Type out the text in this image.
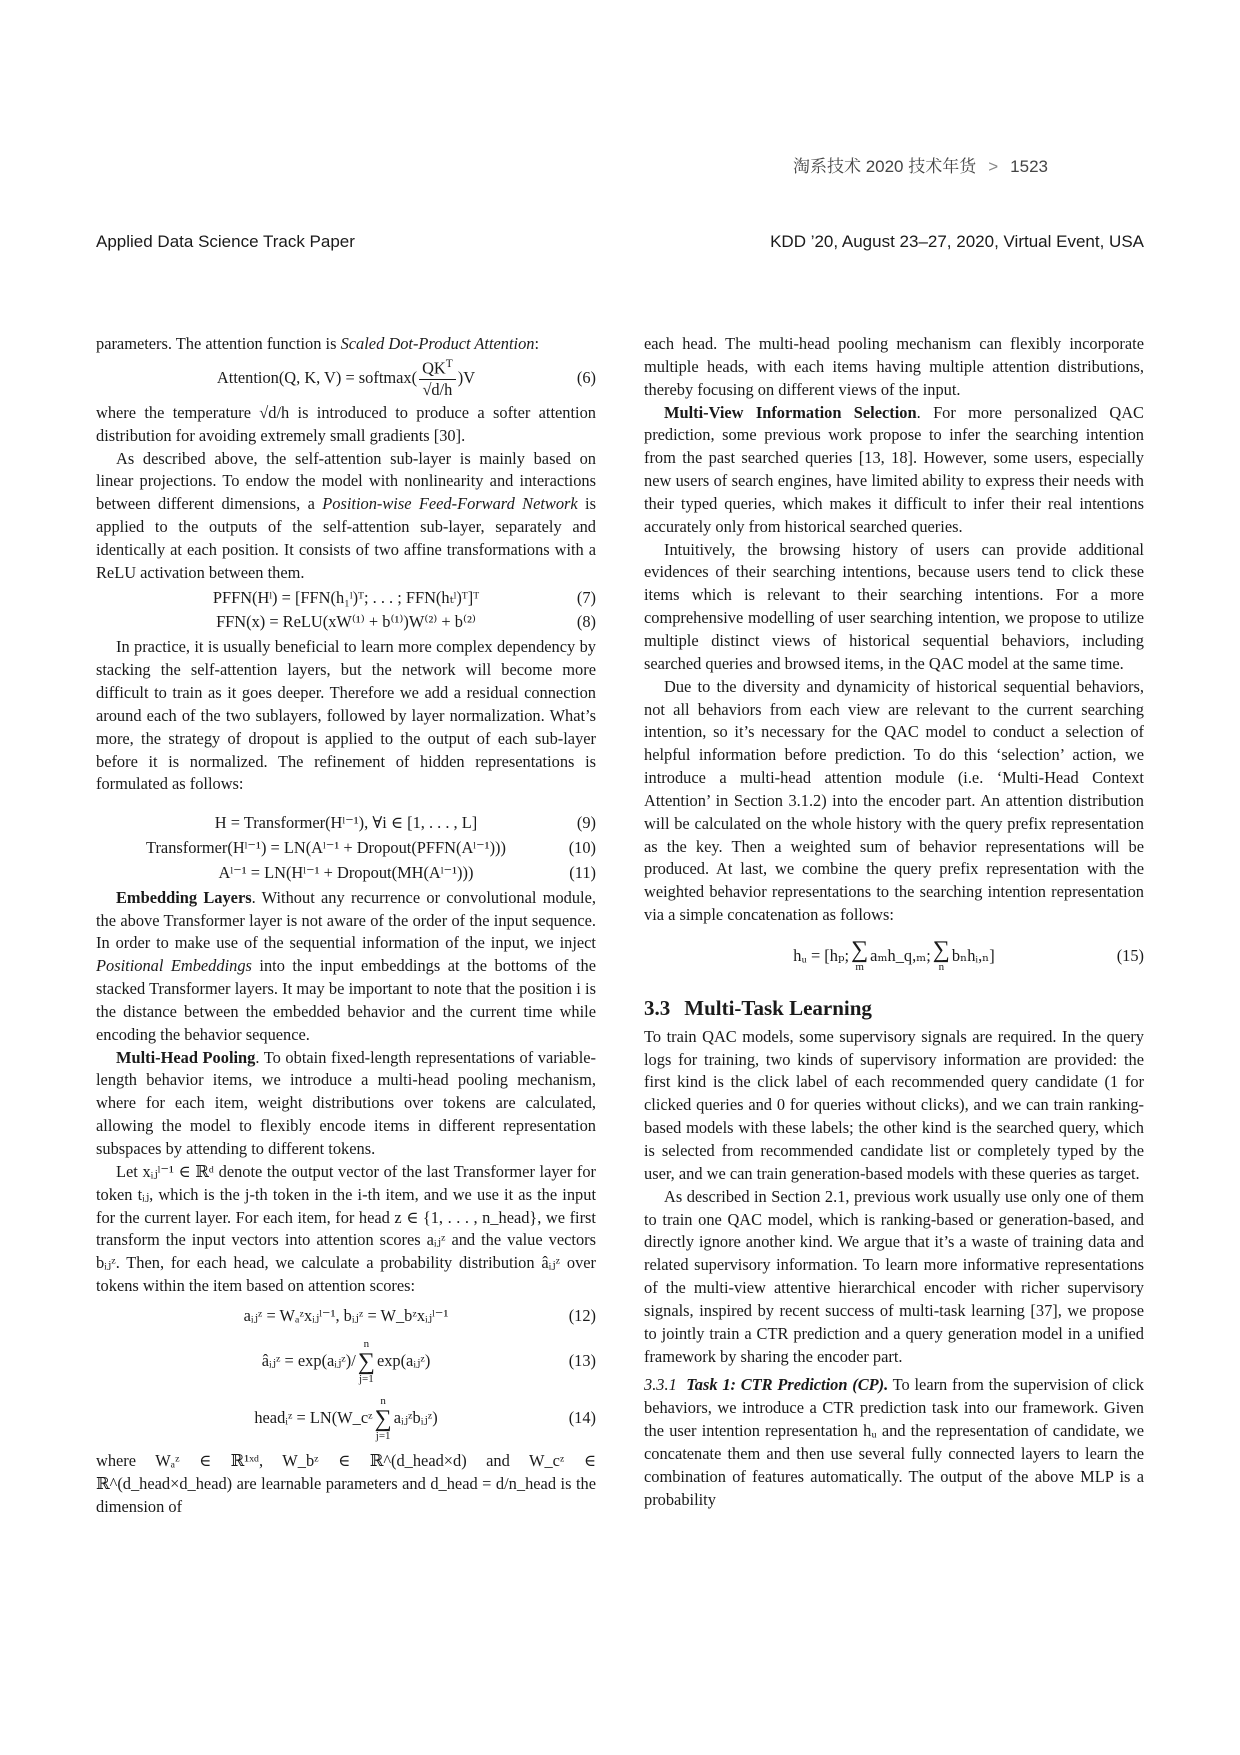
淘系技术 2020 技术年货 > 1523
Applied Data Science Track Paper	KDD ’20, August 23–27, 2020, Virtual Event, USA

parameters. The attention function is Scaled Dot-Product Attention:

Attention(Q, K, V) = softmax( $\frac{QK^T}{√d/h} )V$	(6)

where the temperature √d/h is introduced to produce a softer attention distribution for avoiding extremely small gradients [30].

As described above, the self-attention sub-layer is mainly based on linear projections. To endow the model with nonlinearity and interactions between different dimensions, a Position-wise Feed-Forward Network is applied to the outputs of the self-attention sub-layer, separately and identically at each position. It consists of two affine transformations with a ReLU activation between them.

PFFN(Hˡ) = [FFN(h₁ˡ)ᵀ; . . . ; FFN(hₜˡ)ᵀ]ᵀ	(7)
FFN(x) = ReLU(xW⁽¹⁾ + b⁽¹⁾)W⁽²⁾ + b⁽²⁾	(8)

In practice, it is usually beneficial to learn more complex dependency by stacking the self-attention layers, but the network will become more difficult to train as it goes deeper. Therefore we add a residual connection around each of the two sublayers, followed by layer normalization. What’s more, the strategy of dropout is applied to the output of each sub-layer before it is normalized. The refinement of hidden representations is formulated as follows:

H = Transformer(Hˡ⁻¹), ∀i ∈ [1, . . . , L]	(9)
Transformer(Hˡ⁻¹) = LN(Aˡ⁻¹ + Dropout(PFFN(Aˡ⁻¹)))	(10)
Aˡ⁻¹ = LN(Hˡ⁻¹ + Dropout(MH(Aˡ⁻¹)))	(11)

Embedding Layers. Without any recurrence or convolutional module, the above Transformer layer is not aware of the order of the input sequence. In order to make use of the sequential information of the input, we inject Positional Embeddings into the input embeddings at the bottoms of the stacked Transformer layers. It may be important to note that the position i is the distance between the embedded behavior and the current time while encoding the behavior sequence.

Multi-Head Pooling. To obtain fixed-length representations of variable-length behavior items, we introduce a multi-head pooling mechanism, where for each item, weight distributions over tokens are calculated, allowing the model to flexibly encode items in different representation subspaces by attending to different tokens.

Let xᵢⱼˡ⁻¹ ∈ ℝᵈ denote the output vector of the last Transformer layer for token tᵢⱼ, which is the j-th token in the i-th item, and we use it as the input for the current layer. For each item, for head z ∈ {1, . . . , n_head}, we first transform the input vectors into attention scores aᵢⱼᶻ and the value vectors bᵢⱼᶻ. Then, for each head, we calculate a probability distribution âᵢⱼᶻ over tokens within the item based on attention scores:

aᵢⱼᶻ = Wₐᶻxᵢⱼˡ⁻¹, bᵢⱼᶻ = W_bᶻxᵢⱼˡ⁻¹	(12)
âᵢⱼᶻ = exp(aᵢⱼᶻ)/
n
∑
j=1
exp(aᵢⱼᶻ)	(13)
headᵢᶻ = LN(W_cᶻ
n
∑
j=1
aᵢⱼᶻbᵢⱼᶻ)	(14)

where Wₐᶻ ∈ ℝ¹ˣᵈ, W_bᶻ ∈ ℝ^(d_head×d) and W_cᶻ ∈ ℝ^(d_head×d_head) are learnable parameters and d_head = d/n_head is the dimension of

each head. The multi-head pooling mechanism can flexibly incorporate multiple heads, with each items having multiple attention distributions, thereby focusing on different views of the input.

Multi-View Information Selection. For more personalized QAC prediction, some previous work propose to infer the searching intention from the past searched queries [13, 18]. However, some users, especially new users of search engines, have limited ability to express their needs with their typed queries, which makes it difficult to infer their real intentions accurately only from historical searched queries.

Intuitively, the browsing history of users can provide additional evidences of their searching intentions, because users tend to click these items which is relevant to their searching intentions. For a more comprehensive modelling of user searching intention, we propose to utilize multiple distinct views of historical sequential behaviors, including searched queries and browsed items, in the QAC model at the same time.

Due to the diversity and dynamicity of historical sequential behaviors, not all behaviors from each view are relevant to the current searching intention, so it’s necessary for the QAC model to conduct a selection of helpful information before prediction. To do this ‘selection’ action, we introduce a multi-head attention module (i.e. ‘Multi-Head Context Attention’ in Section 3.1.2) into the encoder part. An attention distribution will be calculated on the whole history with the query prefix representation as the key. Then a weighted sum of behavior representations will be produced. At last, we combine the query prefix representation with the weighted behavior representations to the searching intention representation via a simple concatenation as follows:

hᵤ = [hₚ; ∑
m
aₘh_q,ₘ; ∑
n
bₙhᵢ,ₙ]	(15)
3.3 Multi-Task Learning

To train QAC models, some supervisory signals are required. In the query logs for training, two kinds of supervisory information are provided: the first kind is the click label of each recommended query candidate (1 for clicked queries and 0 for queries without clicks), and we can train ranking-based models with these labels; the other kind is the searched query, which is selected from recommended candidate list or completely typed by the user, and we can train generation-based models with these queries as target.

As described in Section 2.1, previous work usually use only one of them to train one QAC model, which is ranking-based or generation-based, and directly ignore another kind. We argue that it’s a waste of training data and related supervisory information. To learn more informative representations of the multi-view attentive hierarchical encoder with richer supervisory signals, inspired by recent success of multi-task learning [37], we propose to jointly train a CTR prediction and a query generation model in a unified framework by sharing the encoder part.

3.3.1 Task 1: CTR Prediction (CP). To learn from the supervision of click behaviors, we introduce a CTR prediction task into our framework. Given the user intention representation hᵤ and the representation of candidate, we concatenate them and then use several fully connected layers to learn the combination of features automatically. The output of the above MLP is a probability
